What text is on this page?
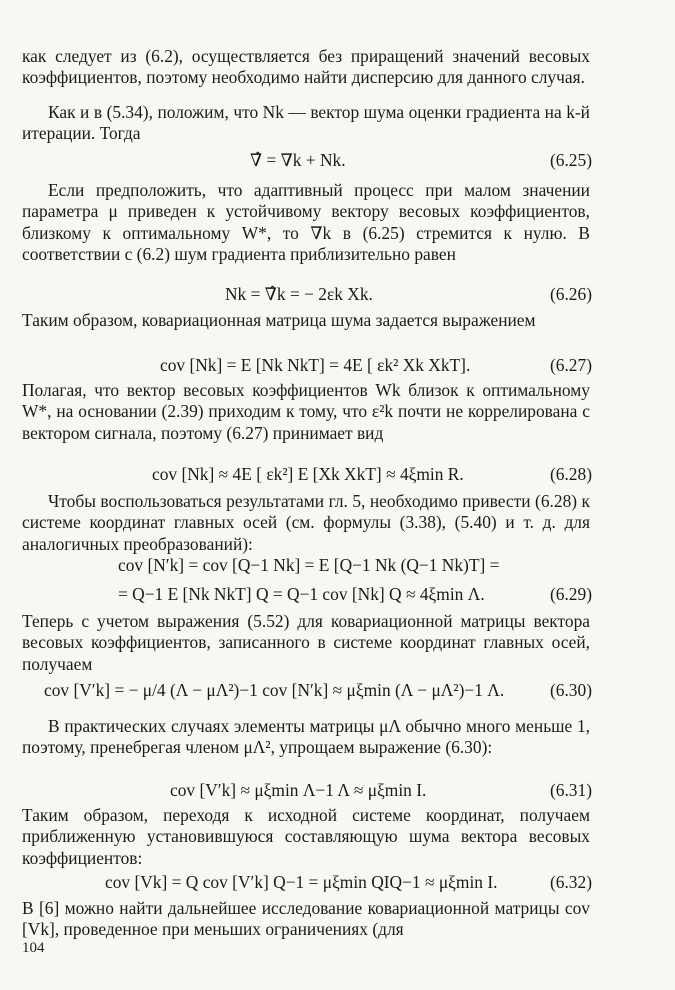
как следует из (6.2), осуществляется без приращений значений весовых коэффициентов, поэтому необходимо найти дисперсию для данного случая.

Как и в (5.34), положим, что Nk — вектор шума оценки градиента на k-й итерации. Тогда

∇̂ = ∇k + Nk.	(6.25)

Если предположить, что адаптивный процесс при малом значении параметра μ приведен к устойчивому вектору весовых коэффициентов, близкому к оптимальному W*, то ∇k в (6.25) стремится к нулю. В соответствии с (6.2) шум градиента приблизительно равен

Nk = ∇̂k = − 2εk Xk.	(6.26)

Таким образом, ковариационная матрица шума задается выражением

cov [Nk] = E [Nk NkT] = 4E [ εk² Xk XkT].	(6.27)

Полагая, что вектор весовых коэффициентов Wk близок к оптимальному W*, на основании (2.39) приходим к тому, что ε²k почти не коррелирована с вектором сигнала, поэтому (6.27) принимает вид

cov [Nk] ≈ 4E [ εk²] E [Xk XkT] ≈ 4ξmin R.	(6.28)

Чтобы воспользоваться результатами гл. 5, необходимо привести (6.28) к системе координат главных осей (см. формулы (3.38), (5.40) и т. д. для аналогичных преобразований):

cov [N′k] = cov [Q−1 Nk] = E [Q−1 Nk (Q−1 Nk)T] =
= Q−1 E [Nk NkT] Q = Q−1 cov [Nk] Q ≈ 4ξmin Λ.	(6.29)

Теперь с учетом выражения (5.52) для ковариационной матрицы вектора весовых коэффициентов, записанного в системе координат главных осей, получаем

cov [V′k] = − μ/4 (Λ − μΛ²)−1 cov [N′k] ≈ μξmin (Λ − μΛ²)−1 Λ.	(6.30)

В практических случаях элементы матрицы μΛ обычно много меньше 1, поэтому, пренебрегая членом μΛ², упрощаем выражение (6.30):

cov [V′k] ≈ μξmin Λ−1 Λ ≈ μξmin I.	(6.31)

Таким образом, переходя к исходной системе координат, получаем приближенную установившуюся составляющую шума вектора весовых коэффициентов:

cov [Vk] = Q cov [V′k] Q−1 = μξmin QIQ−1 ≈ μξmin I.	(6.32)

В [6] можно найти дальнейшее исследование ковариационной матрицы cov [Vk], проведенное при меньших ограничениях (для

104
